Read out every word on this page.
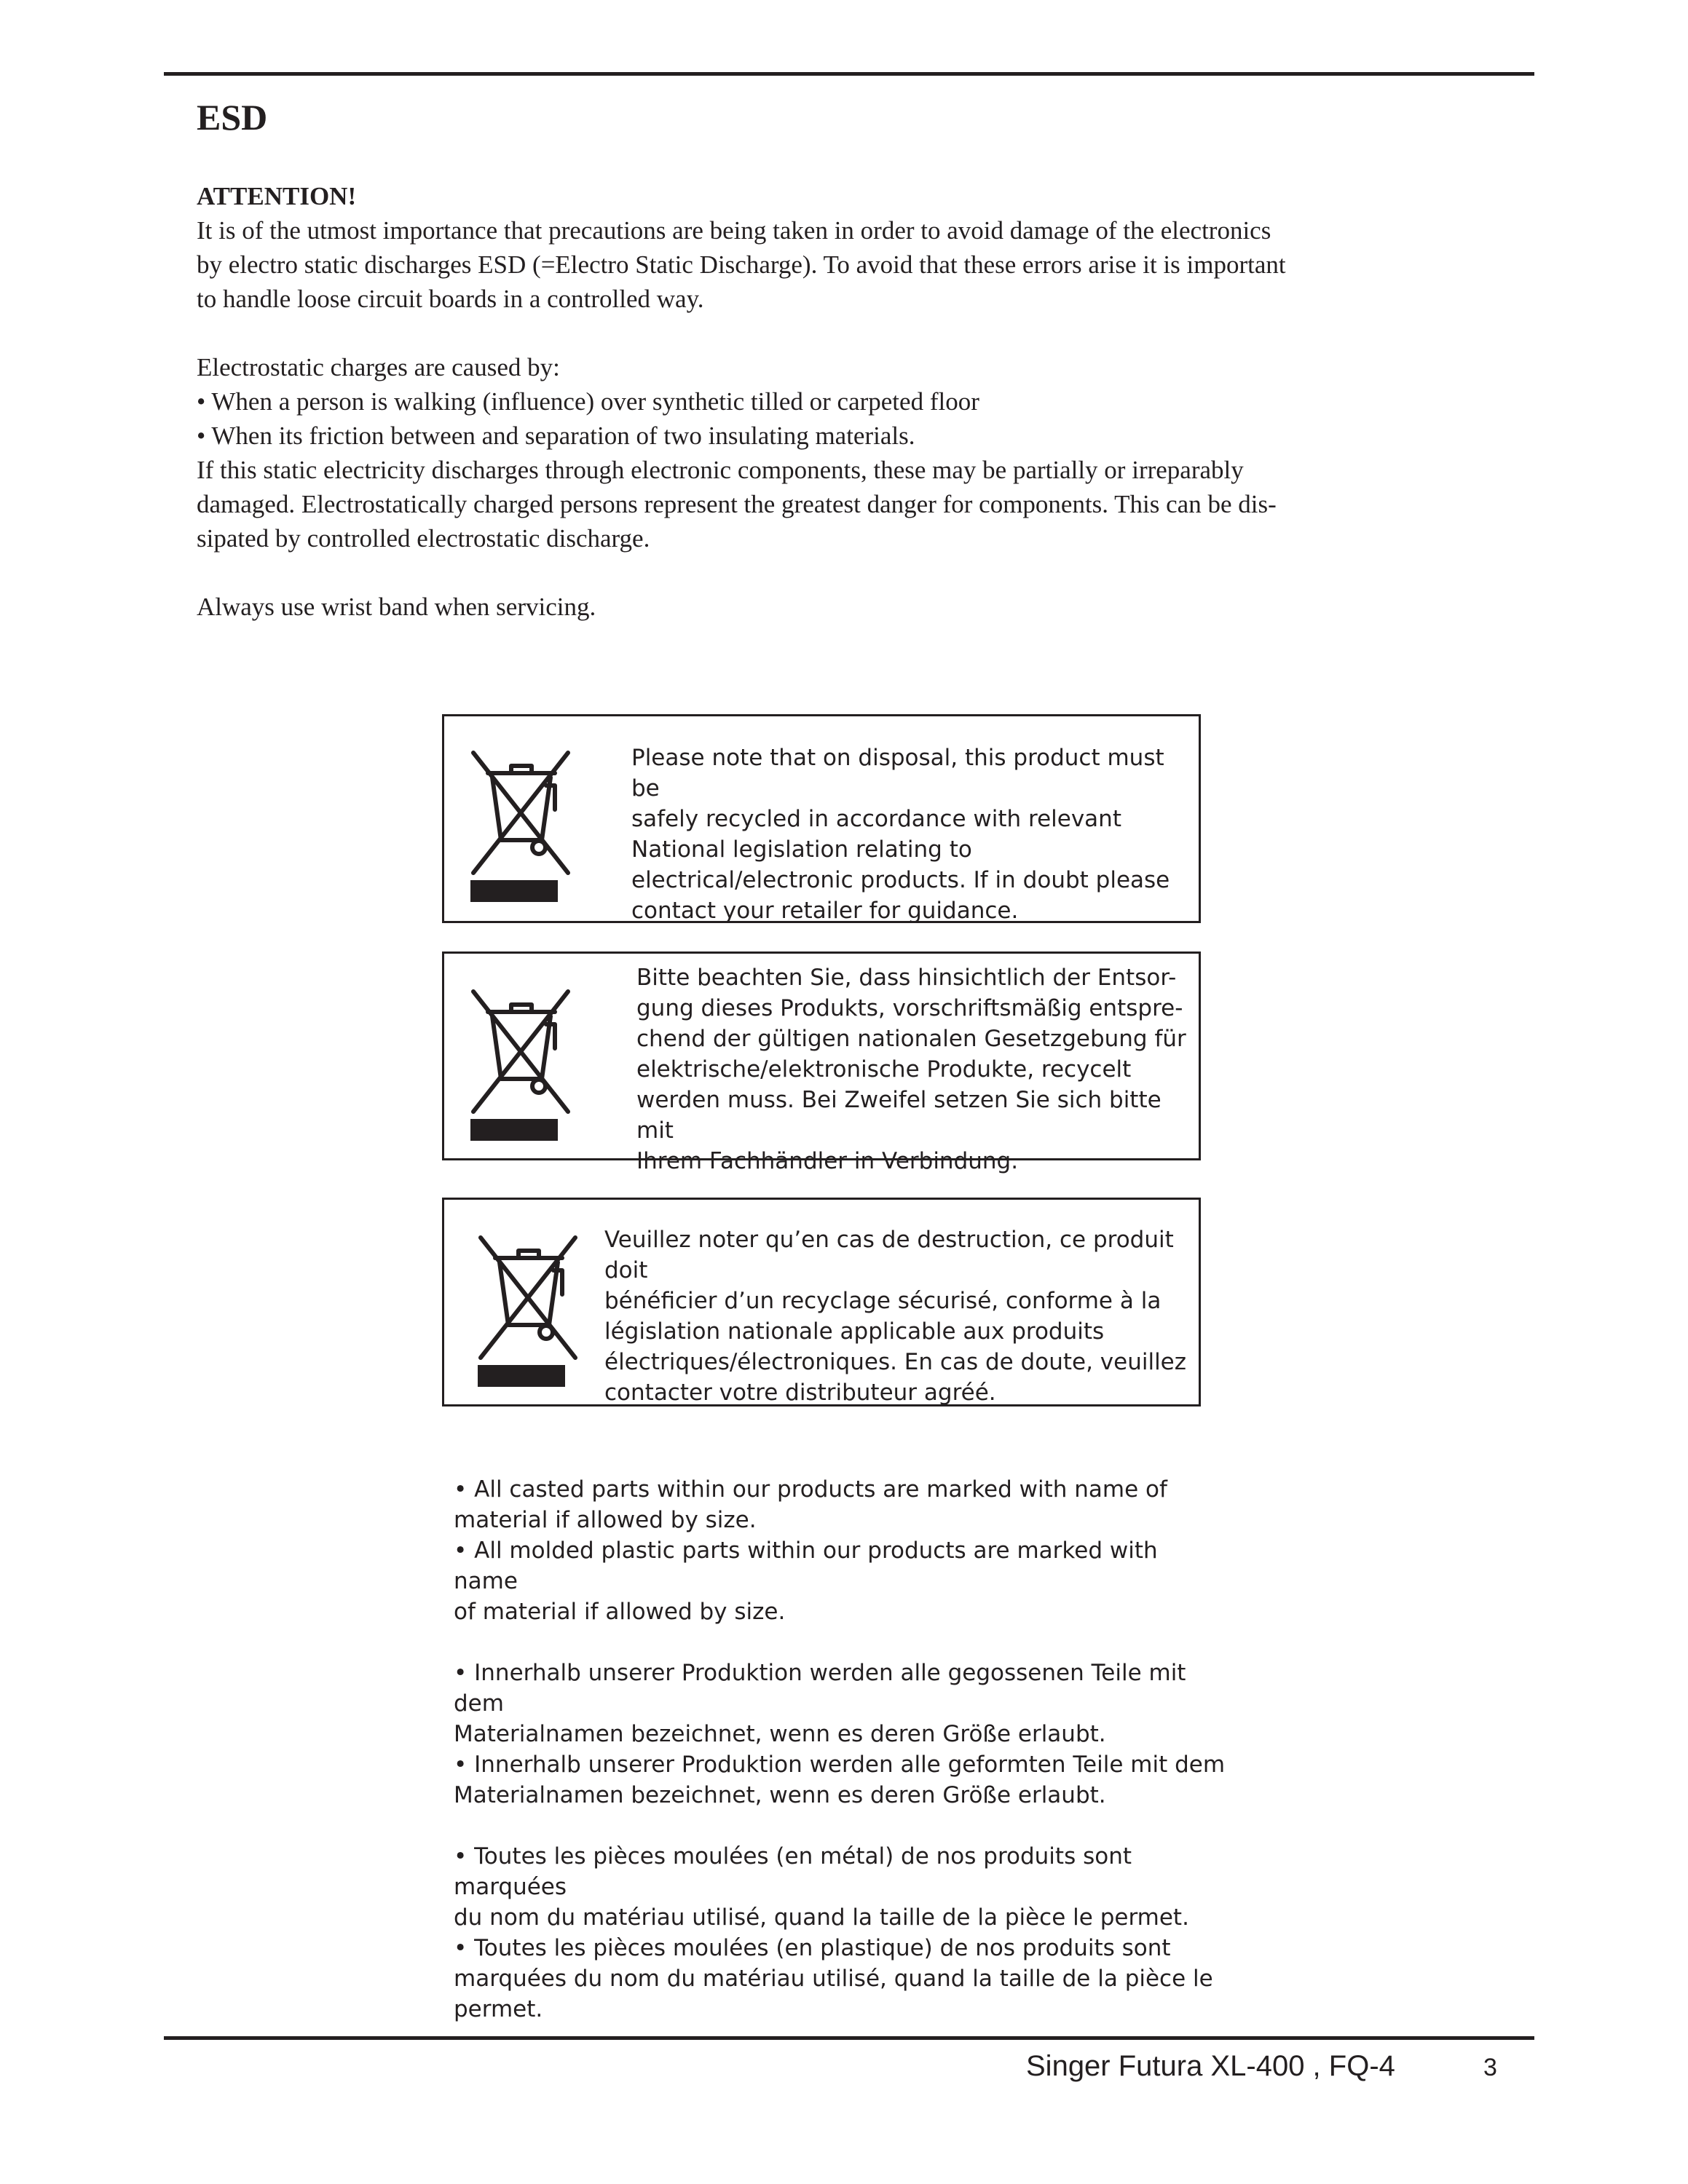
ESD

ATTENTION!

It is of the utmost importance that precautions are being taken in order to avoid damage of the electronics

by electro static discharges ESD (=Electro Static Discharge). To avoid that these errors arise it is important

to handle loose circuit boards in a controlled way.

Electrostatic charges are caused by:

• When a person is walking (influence) over synthetic tilled or carpeted floor

• When its friction between and separation of two insulating materials.

If this static electricity discharges through electronic components, these may be partially or irreparably

damaged. Electrostatically charged persons represent the greatest danger for components. This can be dis-

sipated by controlled electrostatic discharge.

Always use wrist band when servicing.

Please note that on disposal, this product must be

safely recycled in accordance with relevant

National legislation relating to

electrical/electronic products. If in doubt please

contact your retailer for guidance.

Bitte beachten Sie, dass hinsichtlich der Entsor-

gung dieses Produkts, vorschriftsmäßig entspre-

chend der gültigen nationalen Gesetzgebung für

elektrische/elektronische Produkte, recycelt

werden muss. Bei Zweifel setzen Sie sich bitte mit

Ihrem Fachhändler in Verbindung.

Veuillez noter qu’en cas de destruction, ce produit doit

bénéficier d’un recyclage sécurisé, conforme à la

législation nationale applicable aux produits

électriques/électroniques. En cas de doute, veuillez

contacter votre distributeur agréé.

• All casted parts within our products are marked with name of

material if allowed by size.

• All molded plastic parts within our products are marked with name

of material if allowed by size.

• Innerhalb unserer Produktion werden alle gegossenen Teile mit dem

Materialnamen bezeichnet, wenn es deren Größe erlaubt.

• Innerhalb unserer Produktion werden alle geformten Teile mit dem

Materialnamen bezeichnet, wenn es deren Größe erlaubt.

• Toutes les pièces moulées (en métal) de nos produits sont marquées

du nom du matériau utilisé, quand la taille de la pièce le permet.

• Toutes les pièces moulées (en plastique) de nos produits sont

marquées du nom du matériau utilisé, quand la taille de la pièce le

permet.

Singer Futura XL-400 , FQ-4	3
